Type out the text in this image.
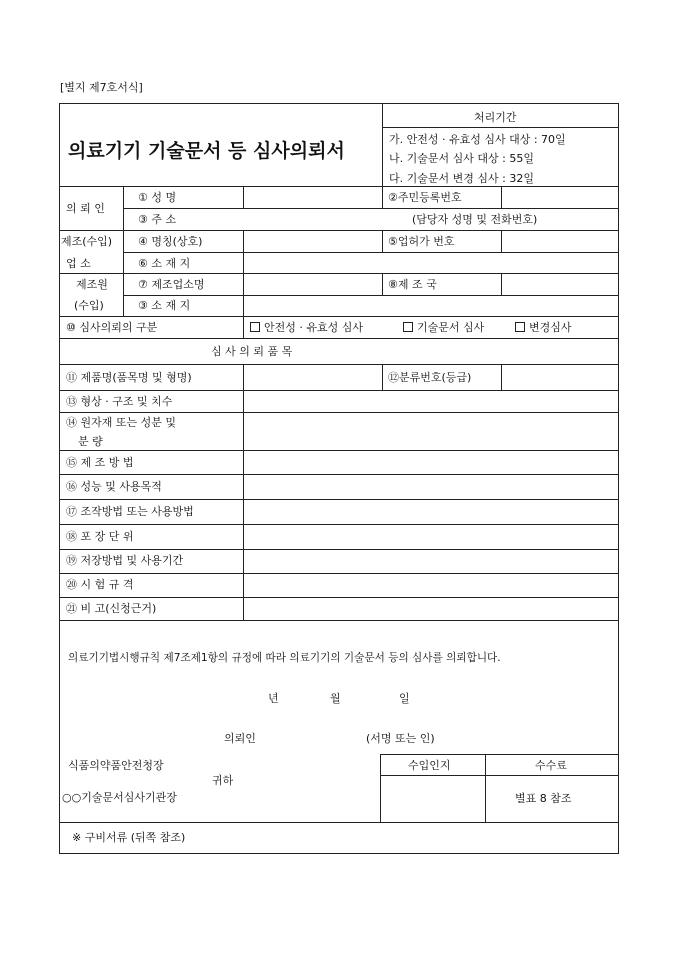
[별지 제7호서식]
의료기기 기술문서 등 심사의뢰서
처리기간
가. 안전성 · 유효성 심사 대상 : 70일
나. 기술문서 심사 대상 : 55일
다. 기술문서 변경 심사 : 32일
의 뢰 인
① 성 명	②주민등록번호
③ 주 소	(담당자 성명 및 전화번호)
제조(수입)
업 소
④ 명칭(상호)	⑤업허가 번호
⑥ 소 재 지
제조원
(수입)
⑦ 제조업소명	⑧제 조 국
③ 소 재 지
⑩ 심사의뢰의 구분	안전성 · 유효성 심사	기술문서 심사	변경심사
심 사 의 뢰 품 목
⑪ 제품명(품목명 및 형명)	⑫분류번호(등급)
⑬ 형상 · 구조 및 치수
⑭ 원자재 또는 성분 및
분 량
⑮ 제 조 방 법
⑯ 성능 및 사용목적
⑰ 조작방법 또는 사용방법
⑱ 포 장 단 위
⑲ 저장방법 및 사용기간
⑳ 시 험 규 격
㉑ 비 고(신청근거)
의료기기법시행규칙 제7조제1항의 규정에 따라 의료기기의 기술문서 등의 심사를 의뢰합니다.
년	월	일
의뢰인	(서명 또는 인)
식품의약품안전청장
귀하
○○기술문서심사기관장
수입인지	수수료
별표 8 참조
※ 구비서류 (뒤쪽 참조)
